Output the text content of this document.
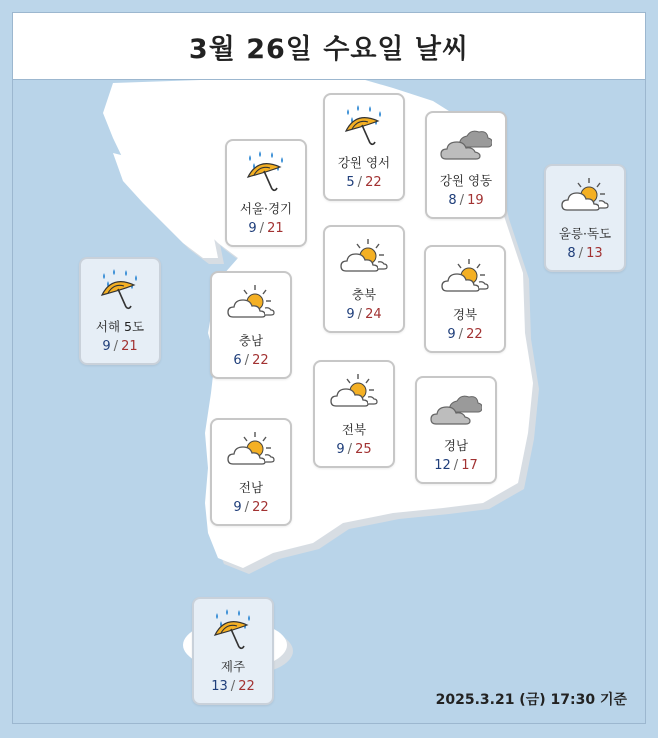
3월 26일 수요일 날씨
서울·경기
9 / 21
강원 영서
5 / 22	강원 영동
8 / 19
울릉·독도
8 / 13
서해 5도
9 / 21	충남
6 / 22
충북
9 / 24	경북
9 / 22
전북
9 / 25	경남
12 / 17
전남
9 / 22
제주
13 / 22
2025.3.21 (금) 17:30 기준
